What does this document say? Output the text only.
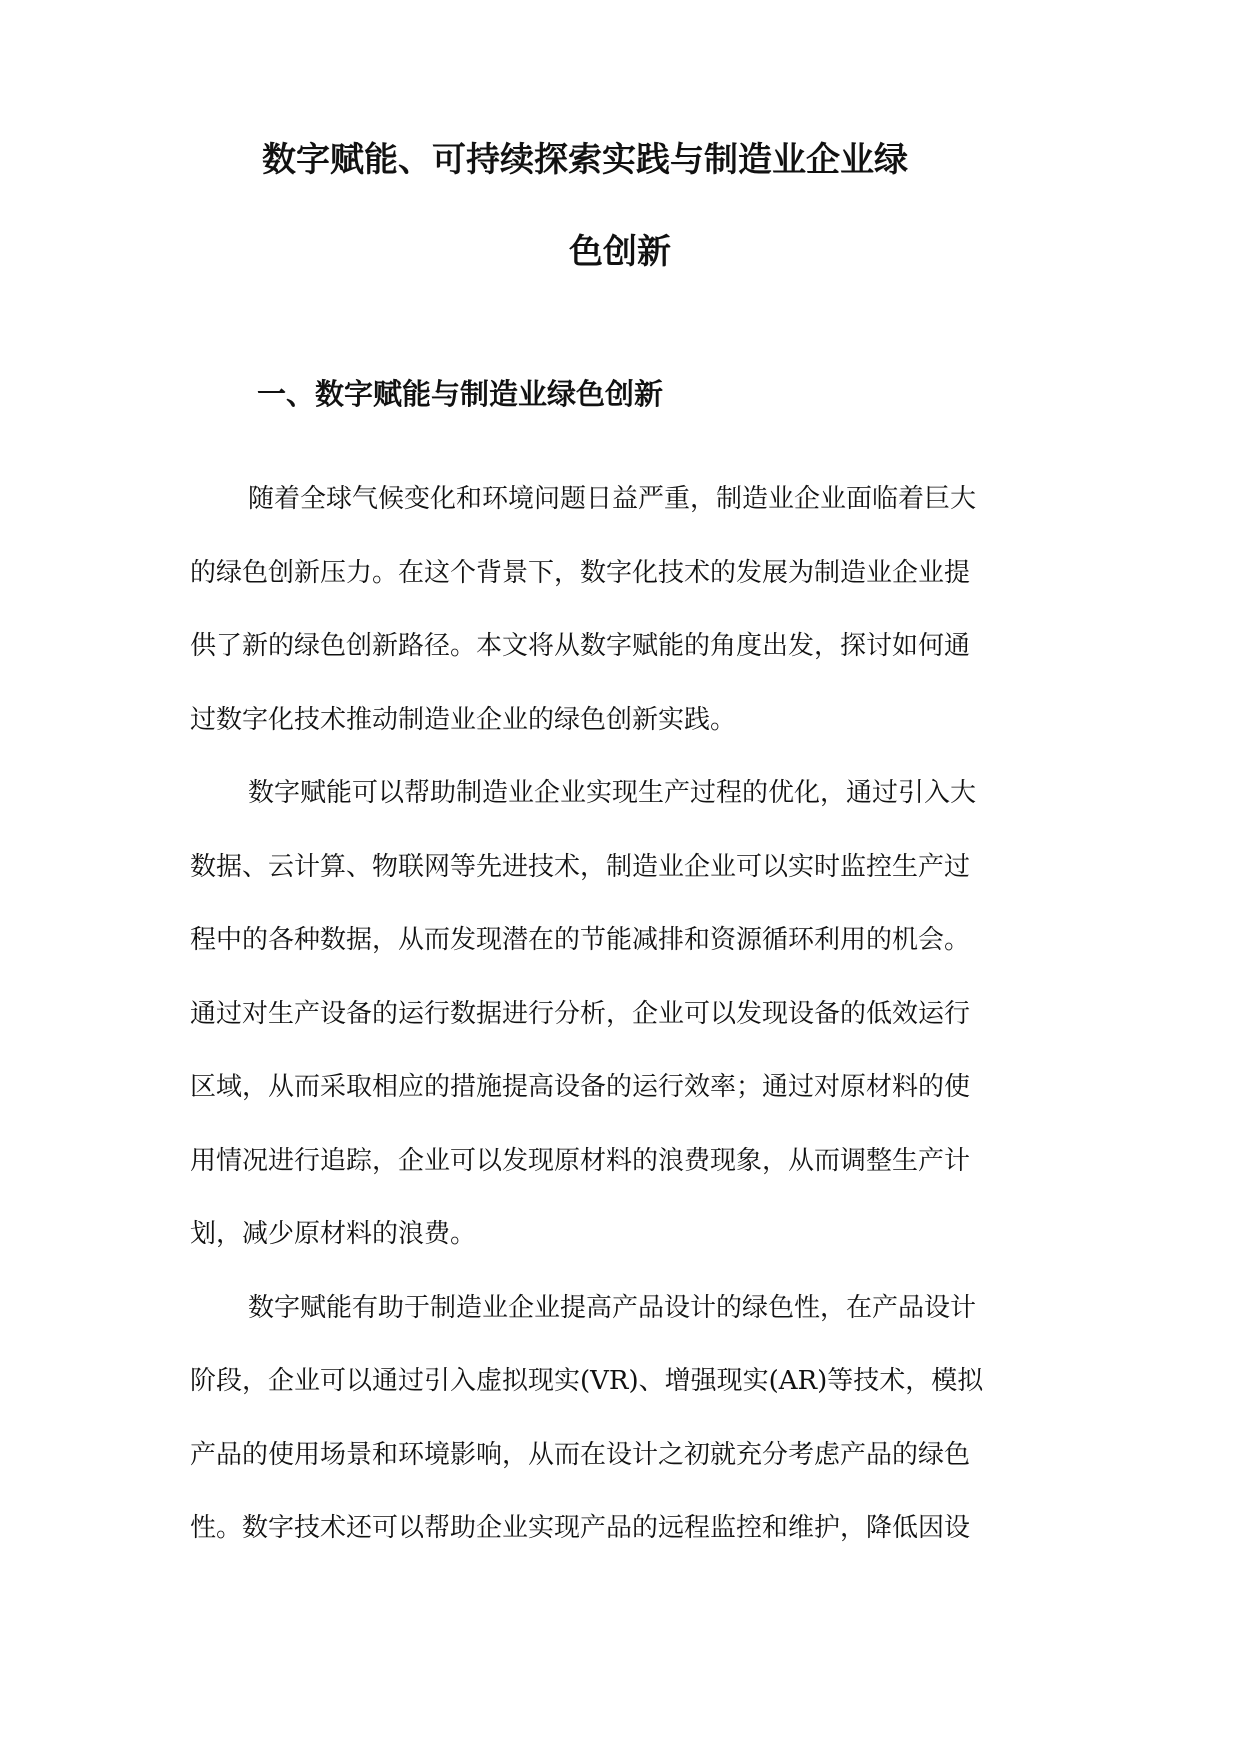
数字赋能、可持续探索实践与制造业企业绿
色创新
一、数字赋能与制造业绿色创新

随着全球气候变化和环境问题日益严重，制造业企业面临着巨大
的绿色创新压力。在这个背景下，数字化技术的发展为制造业企业提
供了新的绿色创新路径。本文将从数字赋能的角度出发，探讨如何通
过数字化技术推动制造业企业的绿色创新实践。

数字赋能可以帮助制造业企业实现生产过程的优化，通过引入大
数据、云计算、物联网等先进技术，制造业企业可以实时监控生产过
程中的各种数据，从而发现潜在的节能减排和资源循环利用的机会。
通过对生产设备的运行数据进行分析，企业可以发现设备的低效运行
区域，从而采取相应的措施提高设备的运行效率；通过对原材料的使
用情况进行追踪，企业可以发现原材料的浪费现象，从而调整生产计
划，减少原材料的浪费。

数字赋能有助于制造业企业提高产品设计的绿色性，在产品设计
阶段，企业可以通过引入虚拟现实(VR)、增强现实(AR)等技术，模拟
产品的使用场景和环境影响，从而在设计之初就充分考虑产品的绿色
性。数字技术还可以帮助企业实现产品的远程监控和维护，降低因设
